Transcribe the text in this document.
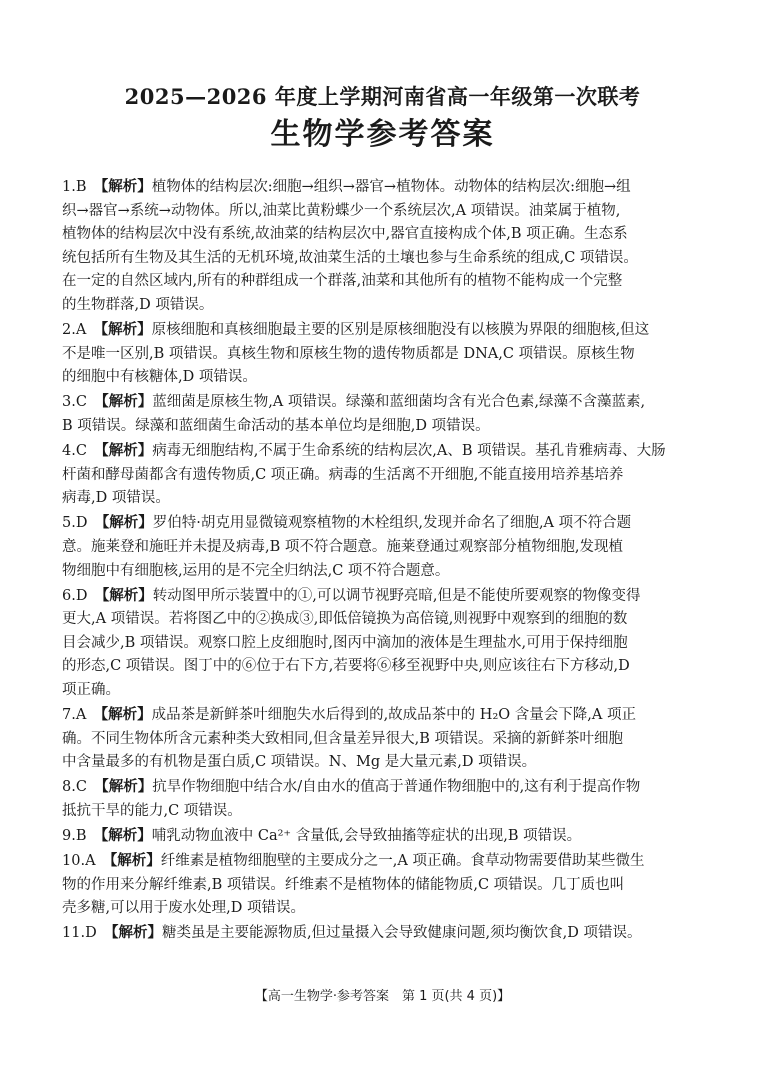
2025—2026 年度上学期河南省高一年级第一次联考
生物学参考答案
1.B  【解析】植物体的结构层次:细胞→组织→器官→植物体。动物体的结构层次:细胞→组
织→器官→系统→动物体。所以,油菜比黄粉蝶少一个系统层次,A 项错误。油菜属于植物,
植物体的结构层次中没有系统,故油菜的结构层次中,器官直接构成个体,B 项正确。生态系
统包括所有生物及其生活的无机环境,故油菜生活的土壤也参与生命系统的组成,C 项错误。
在一定的自然区域内,所有的种群组成一个群落,油菜和其他所有的植物不能构成一个完整
的生物群落,D 项错误。
2.A  【解析】原核细胞和真核细胞最主要的区别是原核细胞没有以核膜为界限的细胞核,但这
不是唯一区别,B 项错误。真核生物和原核生物的遗传物质都是 DNA,C 项错误。原核生物
的细胞中有核糖体,D 项错误。
3.C  【解析】蓝细菌是原核生物,A 项错误。绿藻和蓝细菌均含有光合色素,绿藻不含藻蓝素,
B 项错误。绿藻和蓝细菌生命活动的基本单位均是细胞,D 项错误。
4.C  【解析】病毒无细胞结构,不属于生命系统的结构层次,A、B 项错误。基孔肯雅病毒、大肠
杆菌和酵母菌都含有遗传物质,C 项正确。病毒的生活离不开细胞,不能直接用培养基培养
病毒,D 项错误。
5.D  【解析】罗伯特·胡克用显微镜观察植物的木栓组织,发现并命名了细胞,A 项不符合题
意。施莱登和施旺并未提及病毒,B 项不符合题意。施莱登通过观察部分植物细胞,发现植
物细胞中有细胞核,运用的是不完全归纳法,C 项不符合题意。
6.D  【解析】转动图甲所示装置中的①,可以调节视野亮暗,但是不能使所要观察的物像变得
更大,A 项错误。若将图乙中的②换成③,即低倍镜换为高倍镜,则视野中观察到的细胞的数
目会减少,B 项错误。观察口腔上皮细胞时,图丙中滴加的液体是生理盐水,可用于保持细胞
的形态,C 项错误。图丁中的⑥位于右下方,若要将⑥移至视野中央,则应该往右下方移动,D
项正确。
7.A  【解析】成品茶是新鲜茶叶细胞失水后得到的,故成品茶中的 H₂O 含量会下降,A 项正
确。不同生物体所含元素种类大致相同,但含量差异很大,B 项错误。采摘的新鲜茶叶细胞
中含量最多的有机物是蛋白质,C 项错误。N、Mg 是大量元素,D 项错误。
8.C  【解析】抗旱作物细胞中结合水/自由水的值高于普通作物细胞中的,这有利于提高作物
抵抗干旱的能力,C 项错误。
9.B  【解析】哺乳动物血液中 Ca²⁺ 含量低,会导致抽搐等症状的出现,B 项错误。
10.A  【解析】纤维素是植物细胞壁的主要成分之一,A 项正确。食草动物需要借助某些微生
物的作用来分解纤维素,B 项错误。纤维素不是植物体的储能物质,C 项错误。几丁质也叫
壳多糖,可以用于废水处理,D 项错误。
11.D  【解析】糖类虽是主要能源物质,但过量摄入会导致健康问题,须均衡饮食,D 项错误。
【高一生物学·参考答案　第 1 页(共 4 页)】
